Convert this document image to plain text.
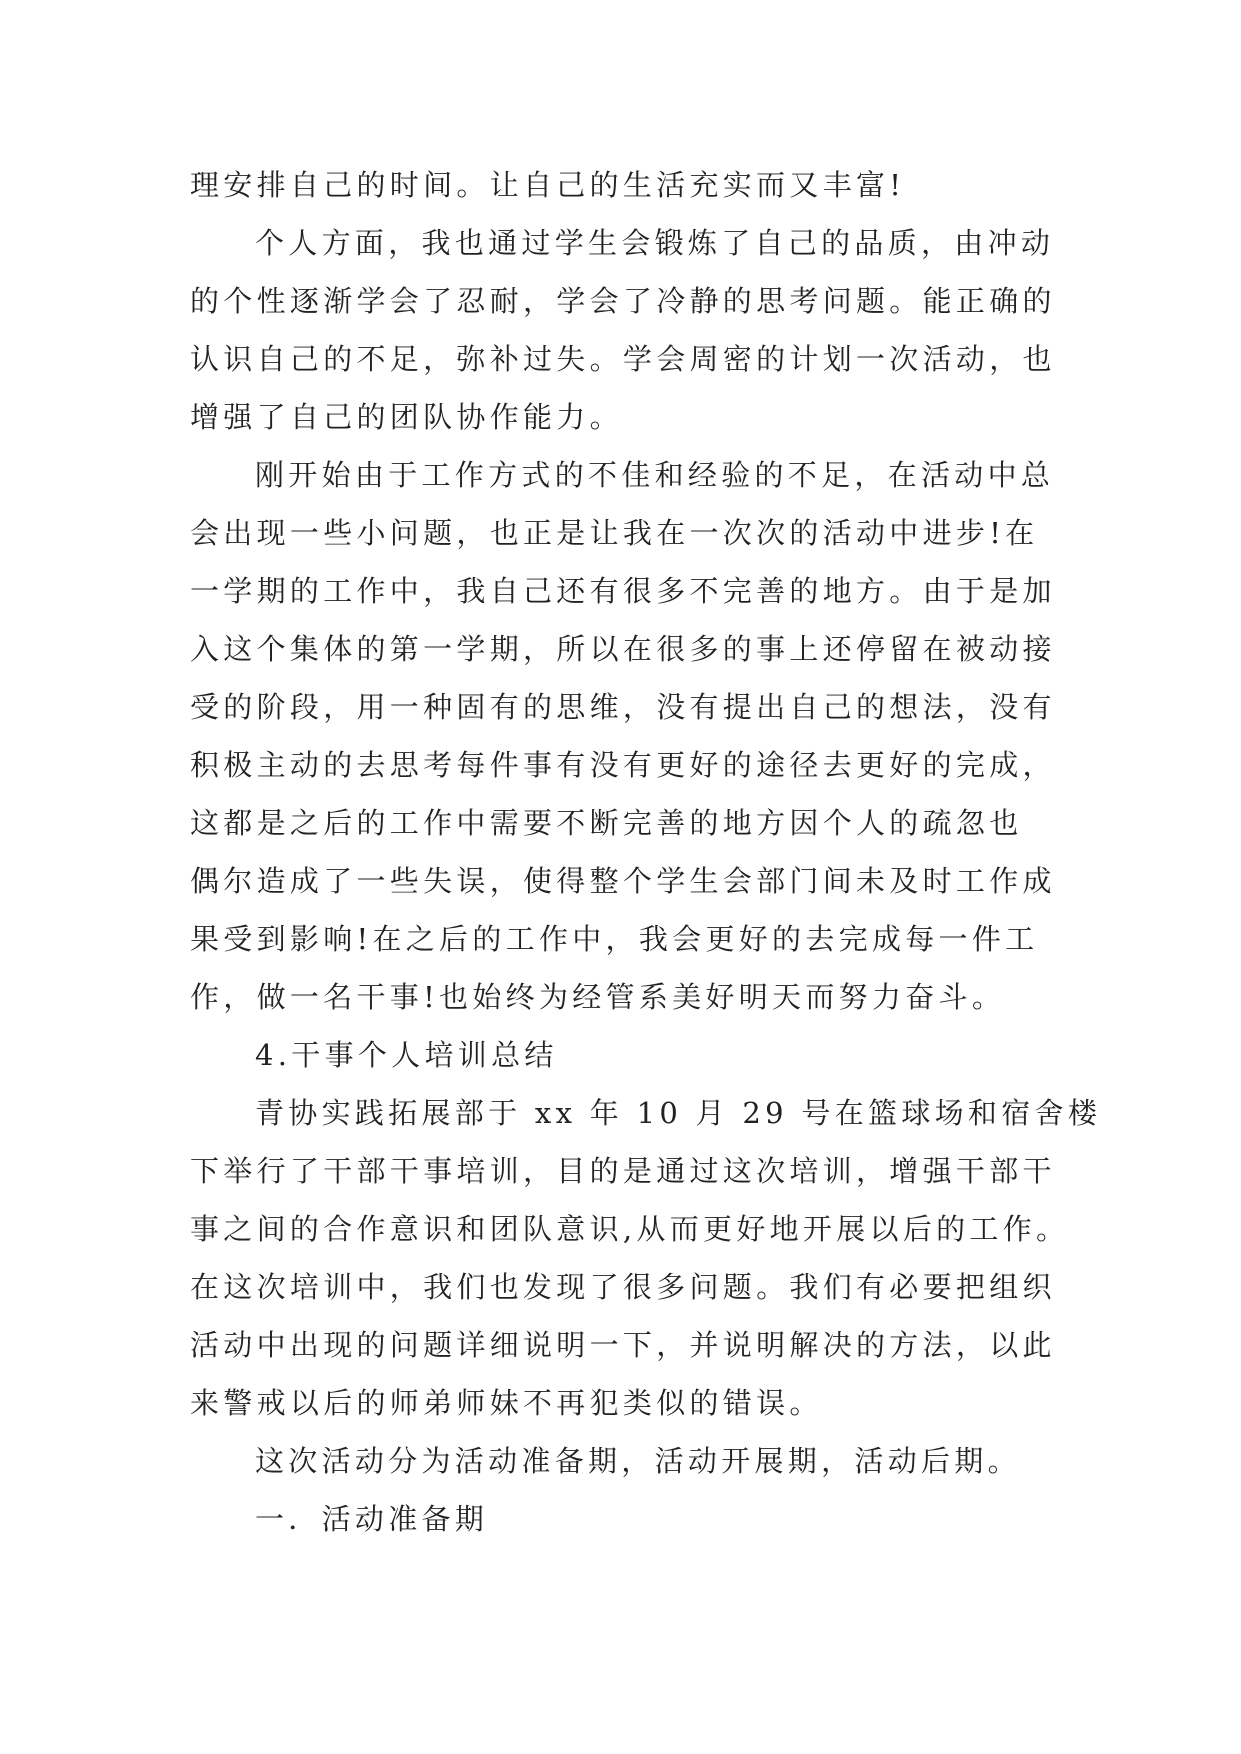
理安排自己的时间。让自己的生活充实而又丰富!
个人方面，我也通过学生会锻炼了自己的品质，由冲动
的个性逐渐学会了忍耐，学会了冷静的思考问题。能正确的
认识自己的不足，弥补过失。学会周密的计划一次活动，也
增强了自己的团队协作能力。
刚开始由于工作方式的不佳和经验的不足，在活动中总
会出现一些小问题，也正是让我在一次次的活动中进步!在
一学期的工作中，我自己还有很多不完善的地方。由于是加
入这个集体的第一学期，所以在很多的事上还停留在被动接
受的阶段，用一种固有的思维，没有提出自己的想法，没有
积极主动的去思考每件事有没有更好的途径去更好的完成，
这都是之后的工作中需要不断完善的地方因个人的疏忽也
偶尔造成了一些失误，使得整个学生会部门间未及时工作成
果受到影响!在之后的工作中，我会更好的去完成每一件工
作，做一名干事!也始终为经管系美好明天而努力奋斗。
4.干事个人培训总结
青协实践拓展部于 xx 年 10 月 29 号在篮球场和宿舍楼
下举行了干部干事培训，目的是通过这次培训，增强干部干
事之间的合作意识和团队意识,从而更好地开展以后的工作。
在这次培训中，我们也发现了很多问题。我们有必要把组织
活动中出现的问题详细说明一下，并说明解决的方法，以此
来警戒以后的师弟师妹不再犯类似的错误。
这次活动分为活动准备期，活动开展期，活动后期。
一．活动准备期
